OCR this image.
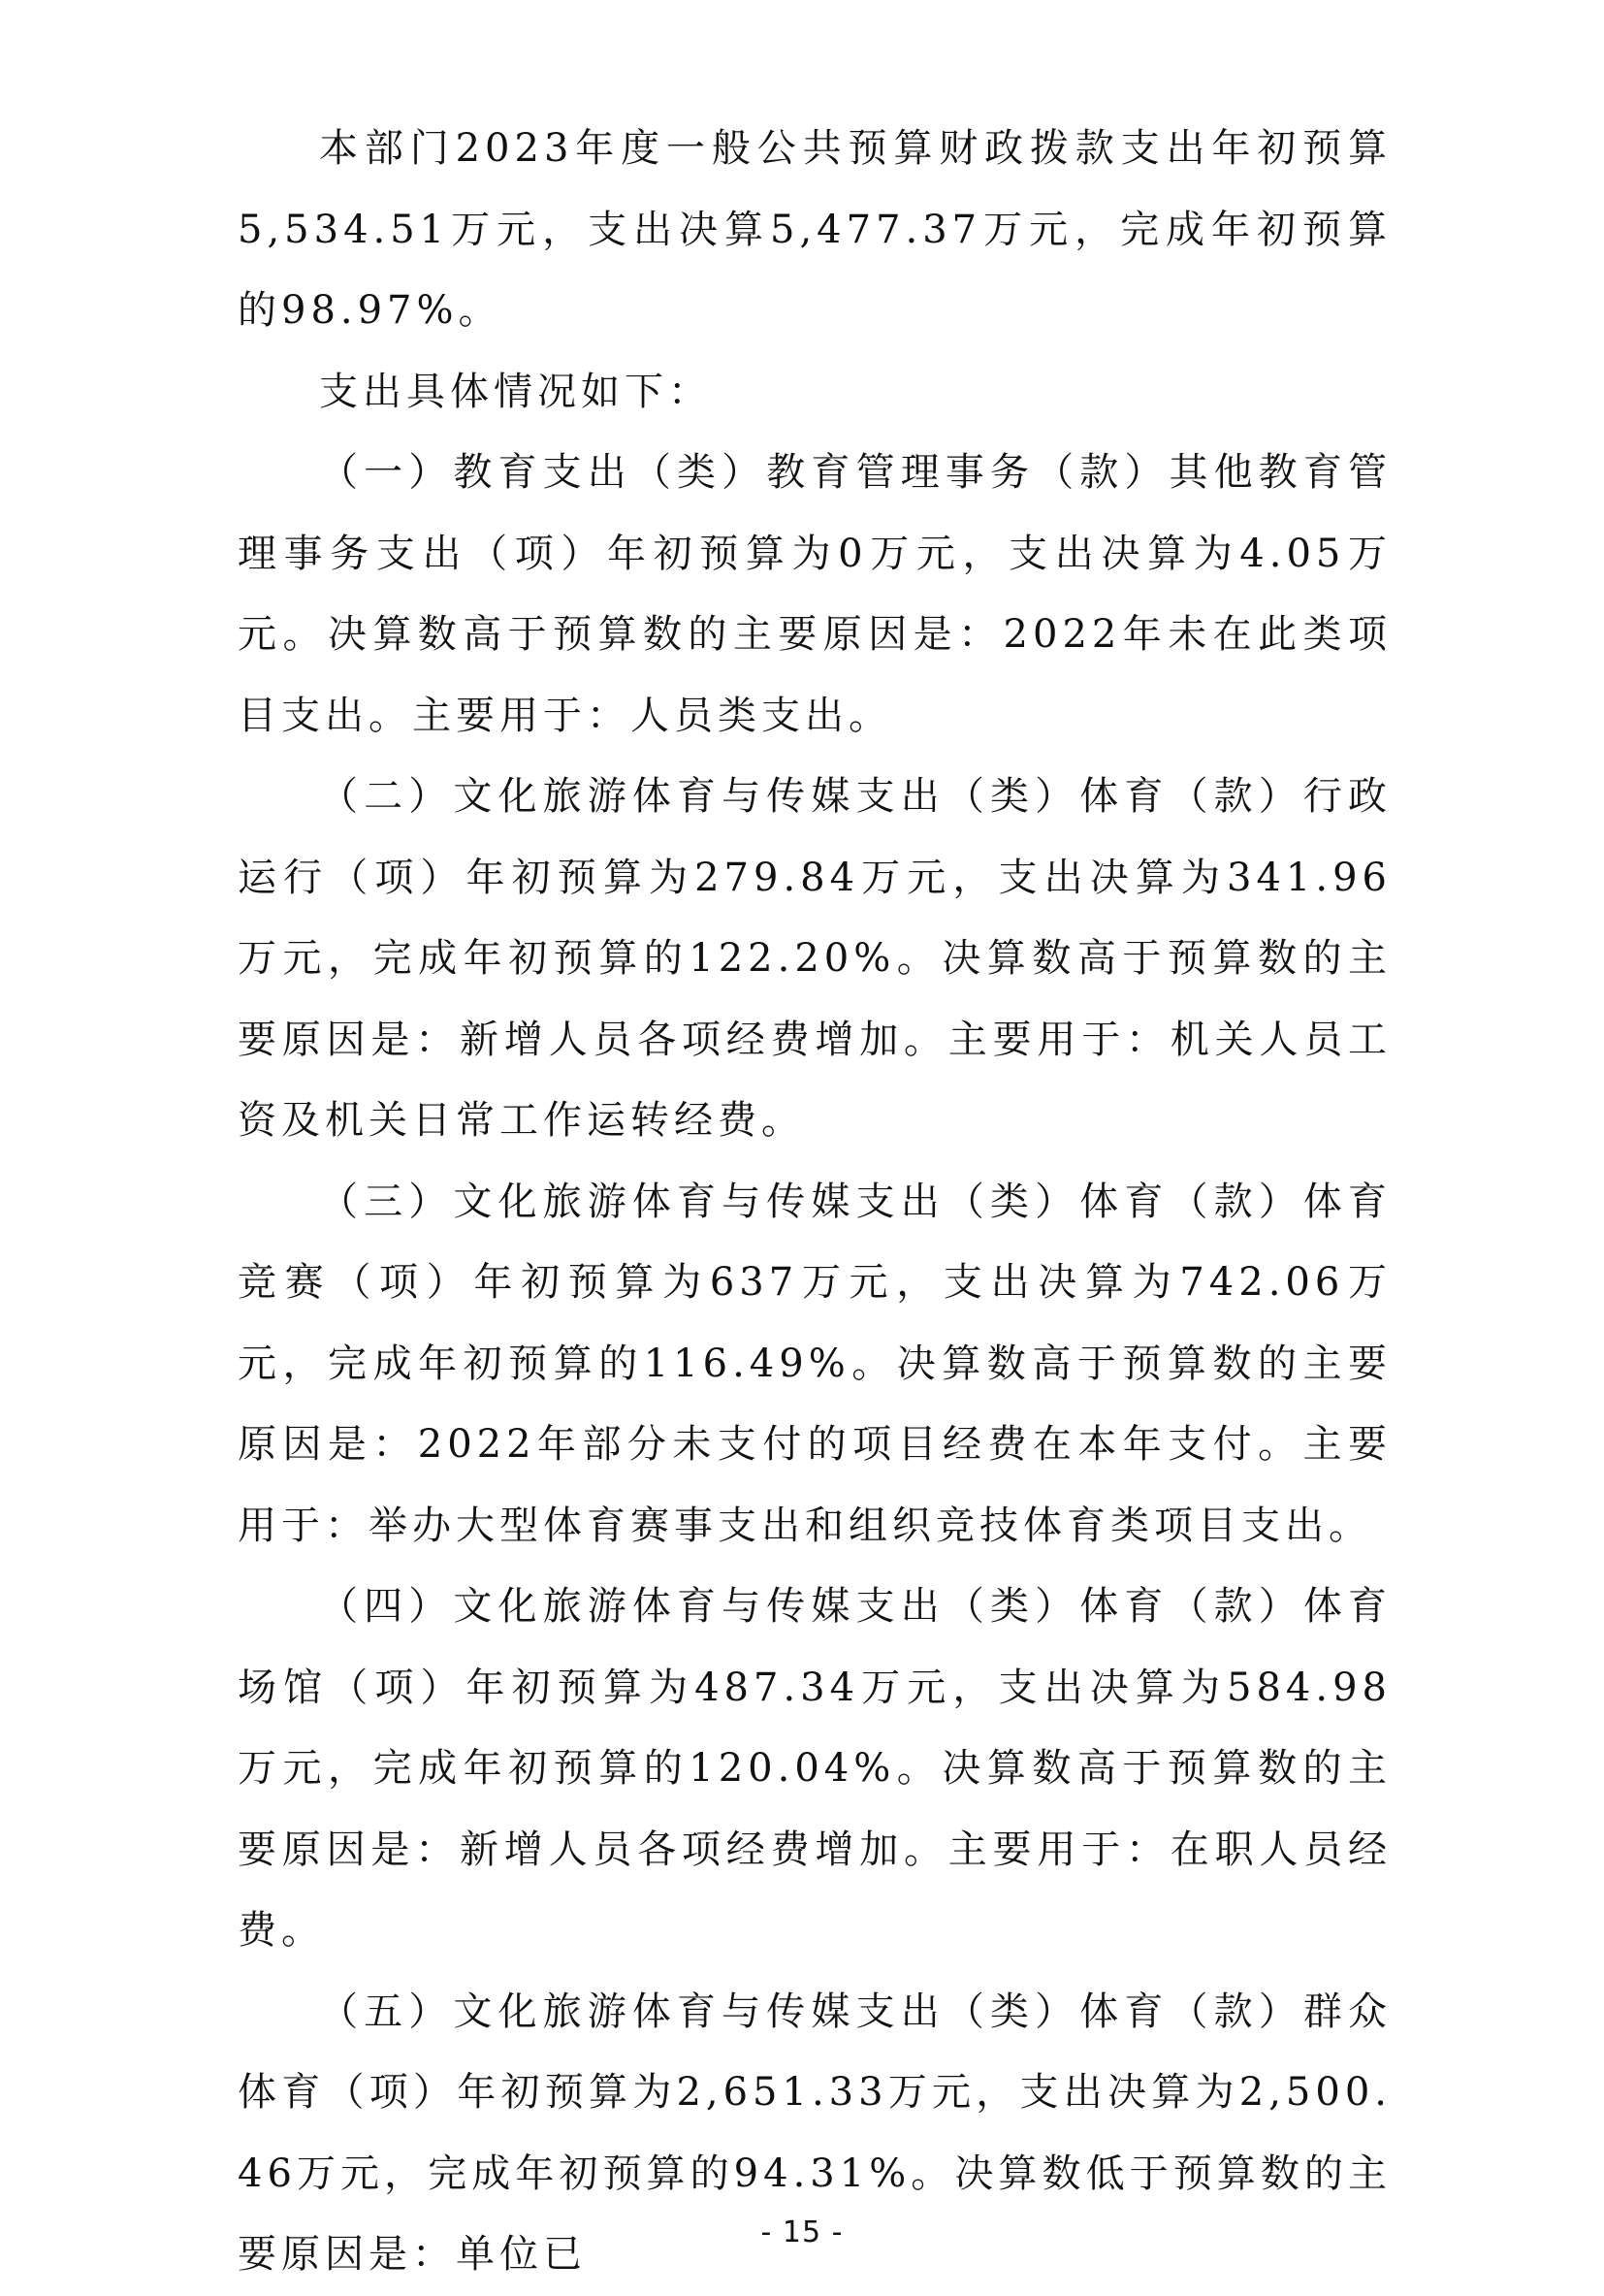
本部门2023年度一般公共预算财政拨款支出年初预算5,534.51万元，支出决算5,477.37万元，完成年初预算的98.97%。

支出具体情况如下：

（一）教育支出（类）教育管理事务（款）其他教育管理事务支出（项）年初预算为0万元，支出决算为4.05万元。决算数高于预算数的主要原因是：2022年未在此类项目支出。主要用于：人员类支出。

（二）文化旅游体育与传媒支出（类）体育（款）行政运行（项）年初预算为279.84万元，支出决算为341.96万元，完成年初预算的122.20%。决算数高于预算数的主要原因是：新增人员各项经费增加。主要用于：机关人员工资及机关日常工作运转经费。

（三）文化旅游体育与传媒支出（类）体育（款）体育竞赛（项）年初预算为637万元，支出决算为742.06万元，完成年初预算的116.49%。决算数高于预算数的主要原因是：2022年部分未支付的项目经费在本年支付。主要用于：举办大型体育赛事支出和组织竞技体育类项目支出。

（四）文化旅游体育与传媒支出（类）体育（款）体育场馆（项）年初预算为487.34万元，支出决算为584.98万元，完成年初预算的120.04%。决算数高于预算数的主要原因是：新增人员各项经费增加。主要用于：在职人员经费。

（五）文化旅游体育与传媒支出（类）体育（款）群众体育（项）年初预算为2,651.33万元，支出决算为2,500.46万元，完成年初预算的94.31%。决算数低于预算数的主要原因是：单位已	- 15 -
